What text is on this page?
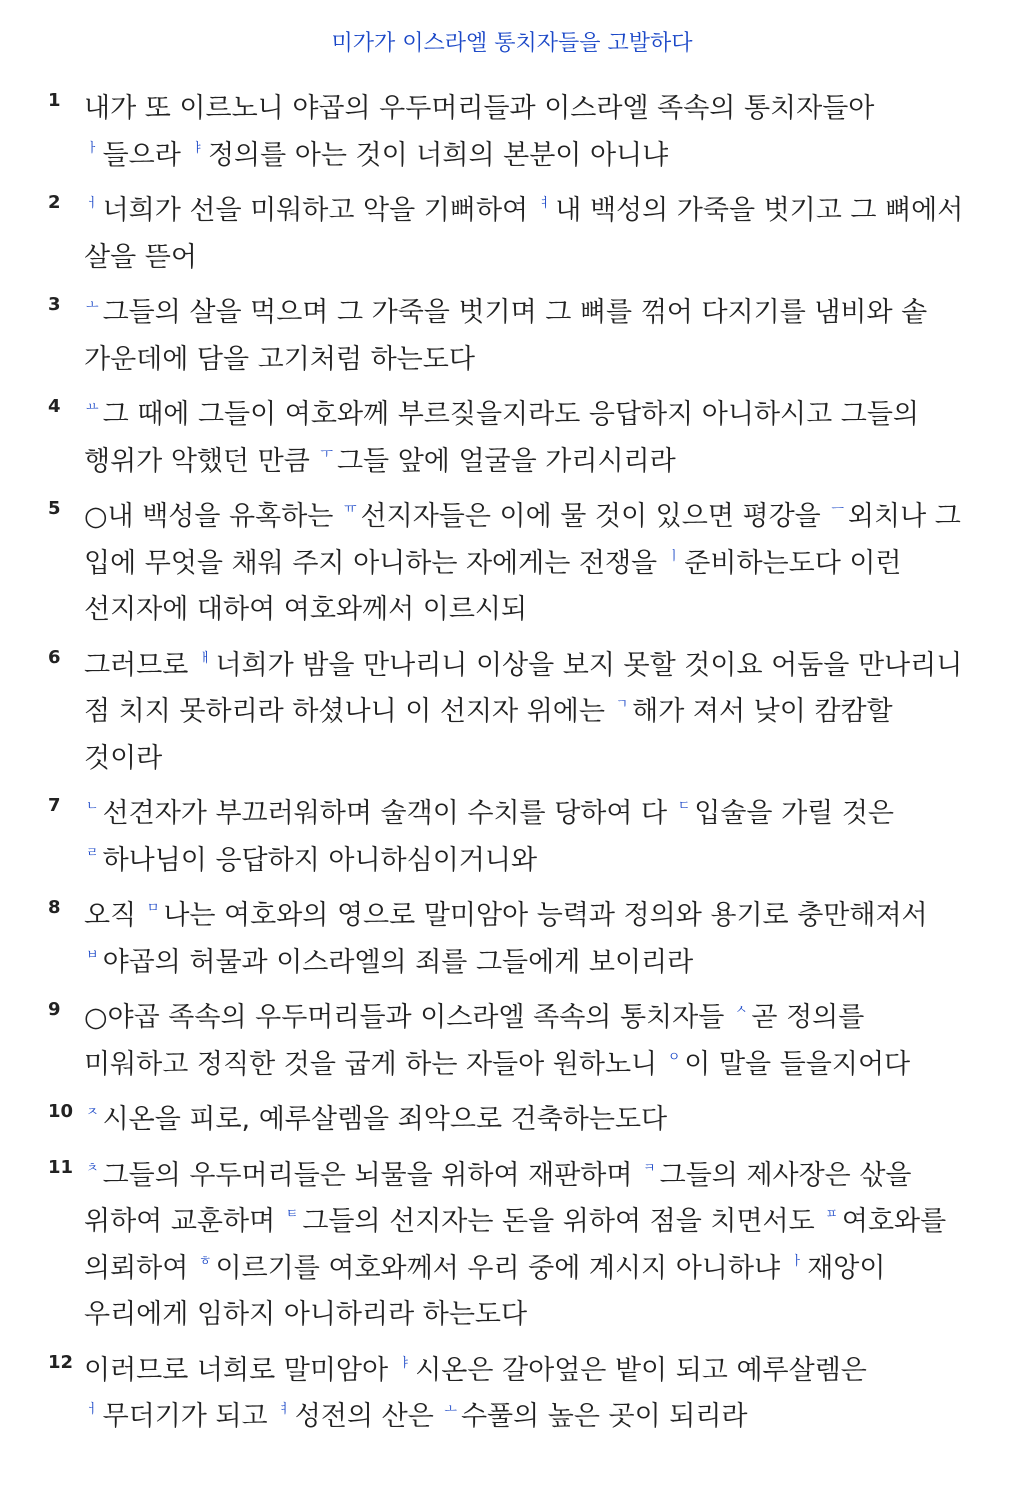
미가가 이스라엘 통치자들을 고발하다
1 내가 또 이르노니 야곱의 우두머리들과 이스라엘 족속의 통치자들아 $^ㅏ$ 들으라 $^ㅑ$ 정의를 아는 것이 너희의 본분이 아니냐
2	$^ㅓ$ 너희가 선을 미워하고 악을 기뻐하여 $^ㅕ$ 내 백성의 가죽을 벗기고 그 뼈에서 살을 뜯어
3	$^ㅗ$ 그들의 살을 먹으며 그 가죽을 벗기며 그 뼈를 꺾어 다지기를 냄비와 솥 가운데에 담을 고기처럼 하는도다
4	$^ㅛ$ 그 때에 그들이 여호와께 부르짖을지라도 응답하지 아니하시고 그들의 행위가 악했던 만큼 $^ㅜ$ 그들 앞에 얼굴을 가리시리라
5 ○내 백성을 유혹하는 $^ㅠ$ 선지자들은 이에 물 것이 있으면 평강을 $^ㅡ$ 외치나 그 입에 무엇을 채워 주지 아니하는 자에게는 전쟁을 $^ㅣ$ 준비하는도다 이런 선지자에 대하여 여호와께서 이르시되
6 그러므로 $^ㅐ$ 너희가 밤을 만나리니 이상을 보지 못할 것이요 어둠을 만나리니 점 치지 못하리라 하셨나니 이 선지자 위에는 $^ㄱ$ 해가 져서 낮이 캄캄할 것이라
7	$^ㄴ$ 선견자가 부끄러워하며 술객이 수치를 당하여 다 $^ㄷ$ 입술을 가릴 것은 $^ㄹ$ 하나님이 응답하지 아니하심이거니와
8 오직 $^ㅁ$ 나는 여호와의 영으로 말미암아 능력과 정의와 용기로 충만해져서 $^ㅂ$ 야곱의 허물과 이스라엘의 죄를 그들에게 보이리라
9 ○야곱 족속의 우두머리들과 이스라엘 족속의 통치자들 $^ㅅ$ 곧 정의를 미워하고 정직한 것을 굽게 하는 자들아 원하노니 $^ㅇ$ 이 말을 들을지어다
10 $^ㅈ$ 시온을 피로, 예루살렘을 죄악으로 건축하는도다
11 $^ㅊ$ 그들의 우두머리들은 뇌물을 위하여 재판하며 $^ㅋ$ 그들의 제사장은 삯을 위하여 교훈하며 $^ㅌ$ 그들의 선지자는 돈을 위하여 점을 치면서도 $^ㅍ$ 여호와를 의뢰하여 $^ㅎ$ 이르기를 여호와께서 우리 중에 계시지 아니하냐 $^ㅏ$ 재앙이 우리에게 임하지 아니하리라 하는도다
12 이러므로 너희로 말미암아 $^ㅑ$ 시온은 갈아엎은 밭이 되고 예루살렘은 $^ㅓ$ 무더기가 되고 $^ㅕ$ 성전의 산은 $^ㅗ$ 수풀의 높은 곳이 되리라
